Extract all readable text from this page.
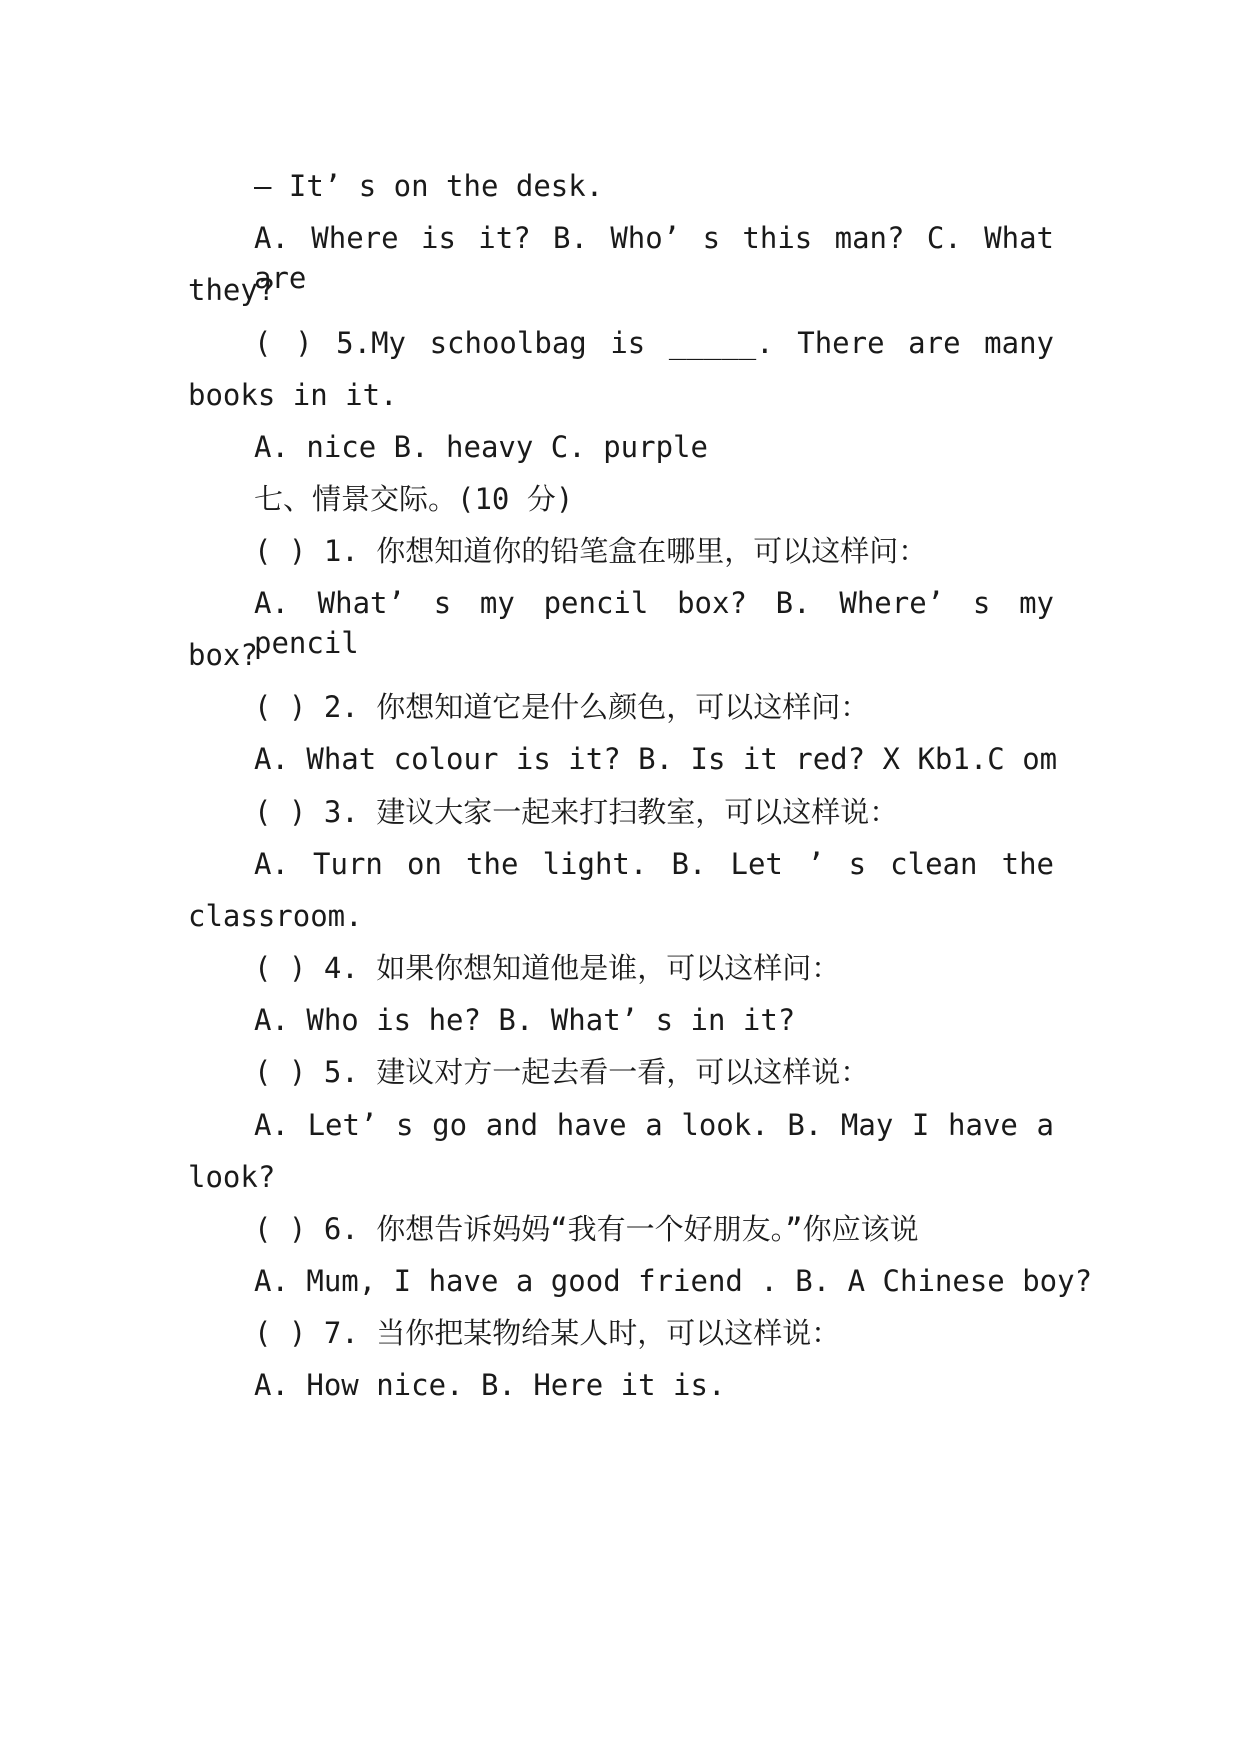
— It’ s on the desk.
A. Where is it? B. Who’ s this man? C. What are
they?
( ) 5.My schoolbag is _____. There are many
books in it.
A. nice B. heavy C. purple
七、情景交际。(10 分)
( ) 1. 你想知道你的铅笔盒在哪里，可以这样问：
A. What’ s my pencil box? B. Where’ s my pencil
box?
( ) 2. 你想知道它是什么颜色，可以这样问：
A. What colour is it? B. Is it red? X Kb1.C om
( ) 3. 建议大家一起来打扫教室，可以这样说：
A. Turn on the light. B. Let ’ s clean the
classroom.
( ) 4. 如果你想知道他是谁，可以这样问：
A. Who is he? B. What’ s in it?
( ) 5. 建议对方一起去看一看，可以这样说：
A. Let’ s go and have a look. B. May I have a
look?
( ) 6. 你想告诉妈妈“我有一个好朋友。”你应该说
A. Mum, I have a good friend . B. A Chinese boy?
( ) 7. 当你把某物给某人时，可以这样说：
A. How nice. B. Here it is.
